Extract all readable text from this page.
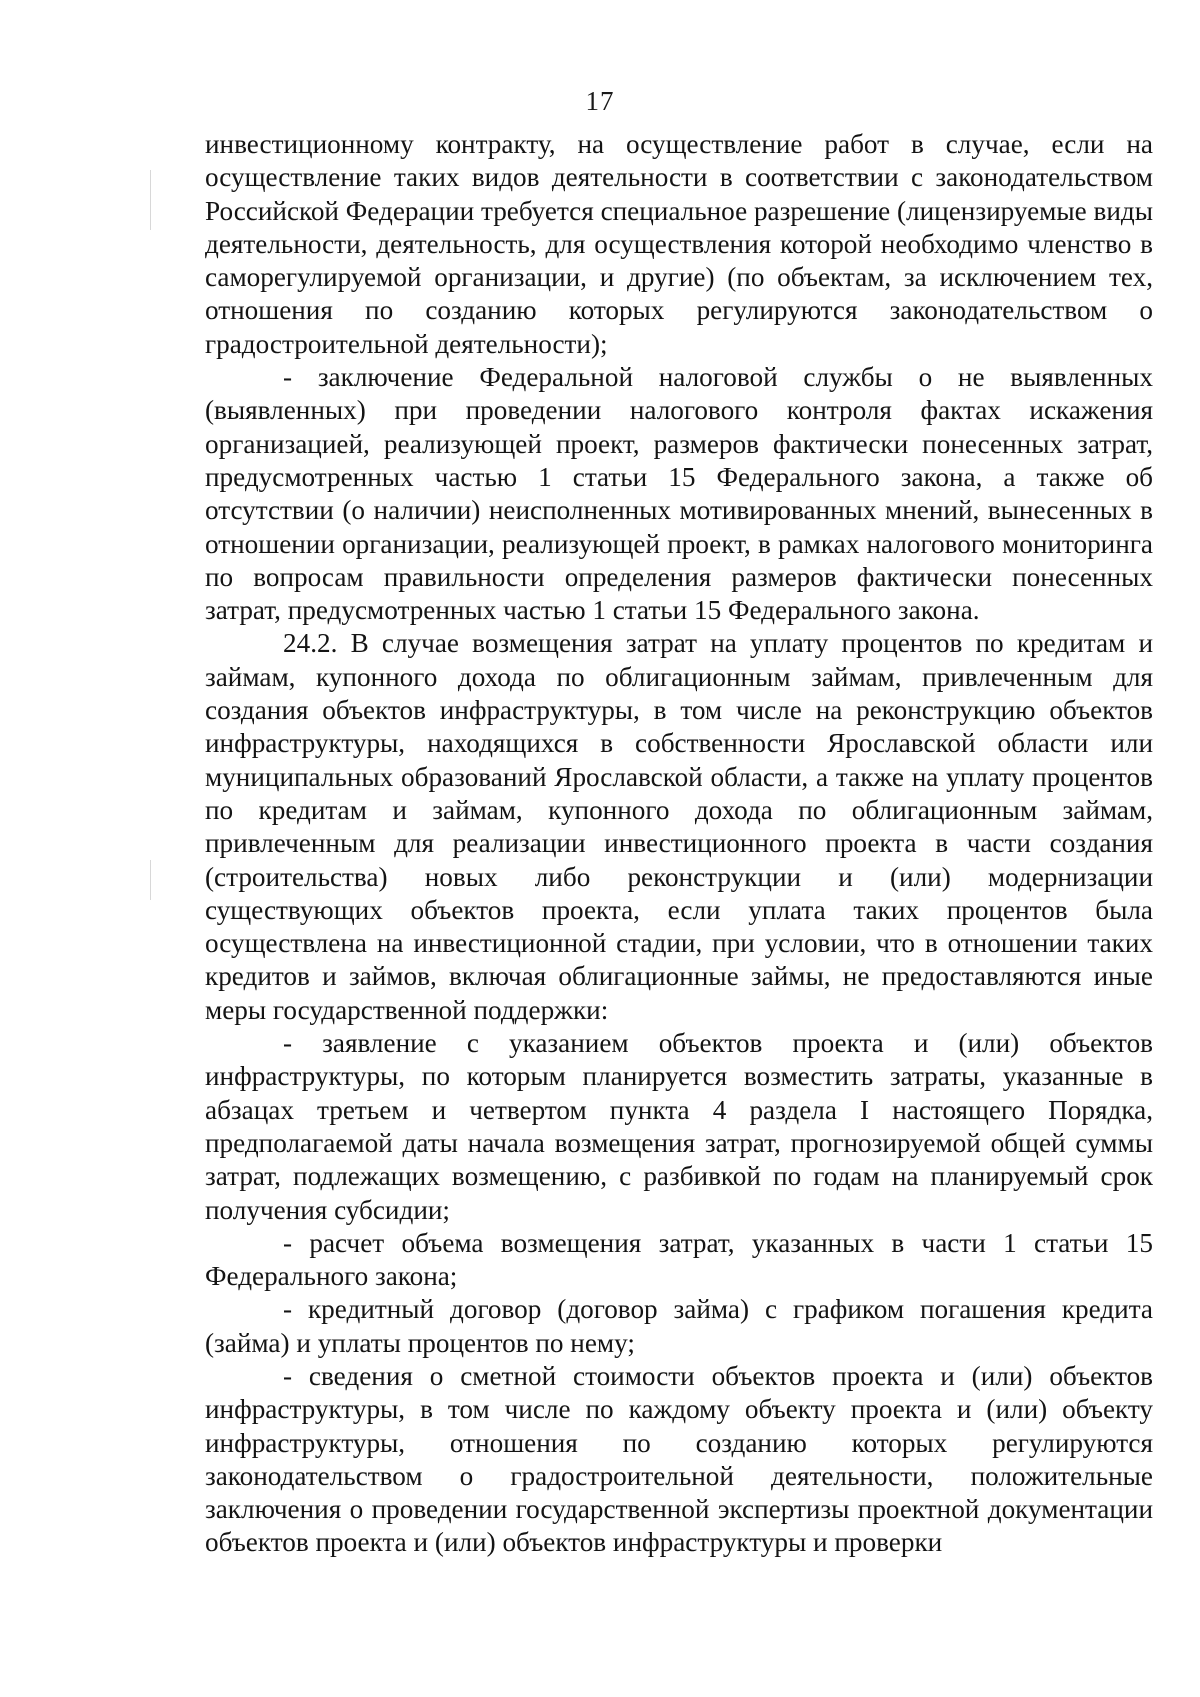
17

инвестиционному контракту, на осуществление работ в случае, если на осуществление таких видов деятельности в соответствии с законодательством Российской Федерации требуется специальное разрешение (лицензируемые виды деятельности, деятельность, для осуществления которой необходимо членство в саморегулируемой организации, и другие) (по объектам, за исключением тех, отношения по созданию которых регулируются законодательством о градостроительной деятельности);

- заключение Федеральной налоговой службы о не выявленных (выявленных) при проведении налогового контроля фактах искажения организацией, реализующей проект, размеров фактически понесенных затрат, предусмотренных частью 1 статьи 15 Федерального закона, а также об отсутствии (о наличии) неисполненных мотивированных мнений, вынесенных в отношении организации, реализующей проект, в рамках налогового мониторинга по вопросам правильности определения размеров фактически понесенных затрат, предусмотренных частью 1 статьи 15 Федерального закона.

24.2. В случае возмещения затрат на уплату процентов по кредитам и займам, купонного дохода по облигационным займам, привлеченным для создания объектов инфраструктуры, в том числе на реконструкцию объектов инфраструктуры, находящихся в собственности Ярославской области или муниципальных образований Ярославской области, а также на уплату процентов по кредитам и займам, купонного дохода по облигационным займам, привлеченным для реализации инвестиционного проекта в части создания (строительства) новых либо реконструкции и (или) модернизации существующих объектов проекта, если уплата таких процентов была осуществлена на инвестиционной стадии, при условии, что в отношении таких кредитов и займов, включая облигационные займы, не предоставляются иные меры государственной поддержки:

- заявление с указанием объектов проекта и (или) объектов инфраструктуры, по которым планируется возместить затраты, указанные в абзацах третьем и четвертом пункта 4 раздела I настоящего Порядка, предполагаемой даты начала возмещения затрат, прогнозируемой общей суммы затрат, подлежащих возмещению, с разбивкой по годам на планируемый срок получения субсидии;

- расчет объема возмещения затрат, указанных в части 1 статьи 15 Федерального закона;

- кредитный договор (договор займа) с графиком погашения кредита (займа) и уплаты процентов по нему;

- сведения о сметной стоимости объектов проекта и (или) объектов инфраструктуры, в том числе по каждому объекту проекта и (или) объекту инфраструктуры, отношения по созданию которых регулируются законодательством о градостроительной деятельности, положительные заключения о проведении государственной экспертизы проектной документации объектов проекта и (или) объектов инфраструктуры и проверки
